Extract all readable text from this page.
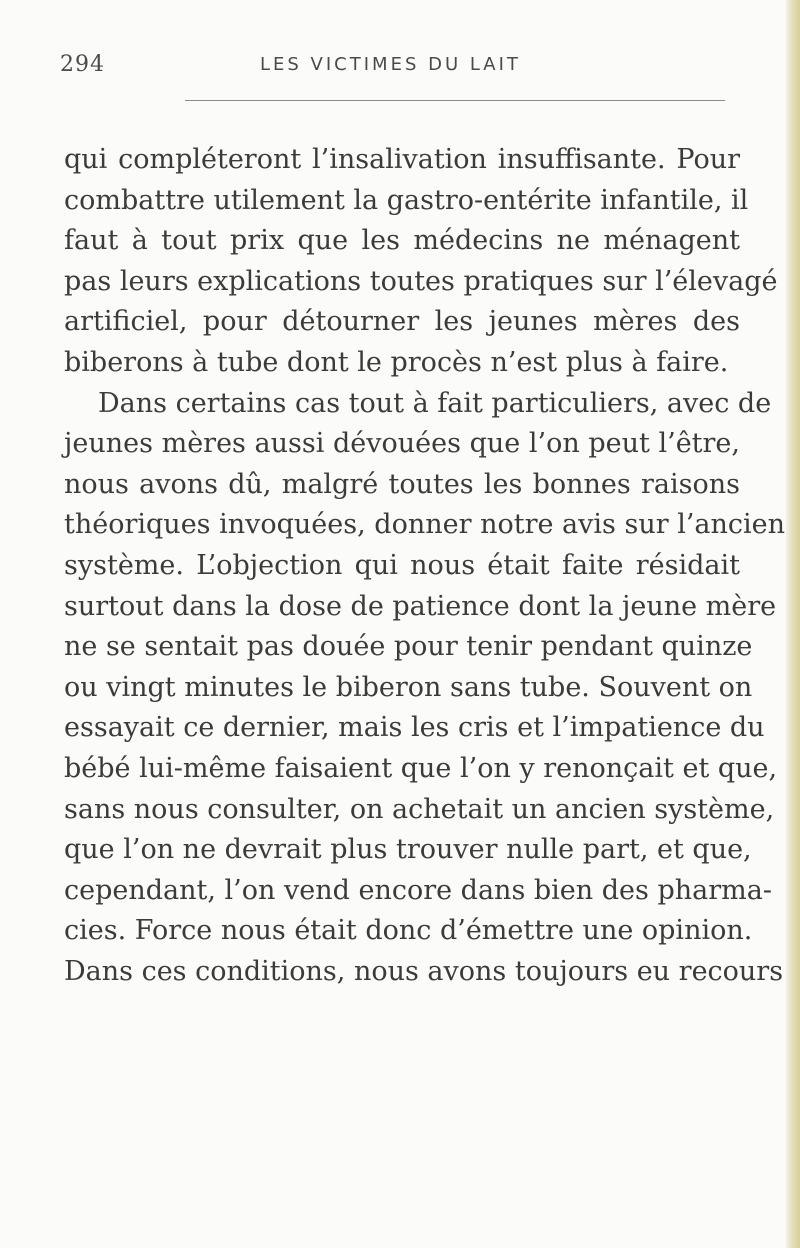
294	LES VICTIMES DU LAIT
qui compléteront l’insalivation insuffisante. Pour
combattre utilement la gastro-entérite infantile, il
faut à tout prix que les médecins ne ménagent
pas leurs explications toutes pratiques sur l’élevagé
artificiel, pour détourner les jeunes mères des
biberons à tube dont le procès n’est plus à faire.
Dans certains cas tout à fait particuliers, avec de
jeunes mères aussi dévouées que l’on peut l’être,
nous avons dû, malgré toutes les bonnes raisons
théoriques invoquées, donner notre avis sur l’ancien
système. L’objection qui nous était faite résidait
surtout dans la dose de patience dont la jeune mère
ne se sentait pas douée pour tenir pendant quinze
ou vingt minutes le biberon sans tube. Souvent on
essayait ce dernier, mais les cris et l’impatience du
bébé lui-même faisaient que l’on y renonçait et que,
sans nous consulter, on achetait un ancien système,
que l’on ne devrait plus trouver nulle part, et que,
cependant, l’on vend encore dans bien des pharma-
cies. Force nous était donc d’émettre une opinion.
Dans ces conditions, nous avons toujours eu recours
